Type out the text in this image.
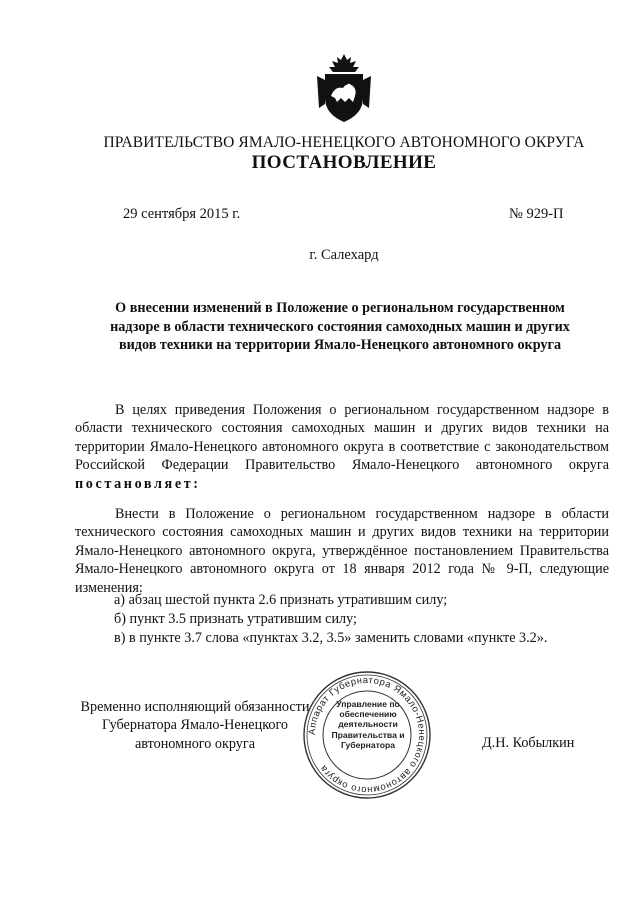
ПРАВИТЕЛЬСТВО ЯМАЛО-НЕНЕЦКОГО АВТОНОМНОГО ОКРУГА
ПОСТАНОВЛЕНИЕ
29 сентября 2015 г.	№ 929-П
г. Салехард
О внесении изменений в Положение о региональном государственном надзоре в области технического состояния самоходных машин и других видов техники на территории Ямало-Ненецкого автономного округа
В целях приведения Положения о региональном государственном надзоре в области технического состояния самоходных машин и других видов техники на территории Ямало-Ненецкого автономного округа в соответствие с законодательством Российской Федерации Правительство Ямало-Ненецкого автономного округа постановляет:
Внести в Положение о региональном государственном надзоре в области технического состояния самоходных машин и других видов техники на территории Ямало-Ненецкого автономного округа, утверждённое постановлением Правительства Ямало-Ненецкого автономного округа от 18 января 2012 года № 9-П, следующие изменения:
а) абзац шестой пункта 2.6 признать утратившим силу;
б) пункт 3.5 признать утратившим силу;
в) в пункте 3.7 слова «пунктах 3.2, 3.5» заменить словами «пункте 3.2».
Временно исполняющий обязанности Губернатора Ямало-Ненецкого автономного округа	Д.Н. Кобылкин
Аппарат Губернатора Ямало-Ненецкого автономного округа
Управление по обеспечению деятельности Правительства и Губернатора
